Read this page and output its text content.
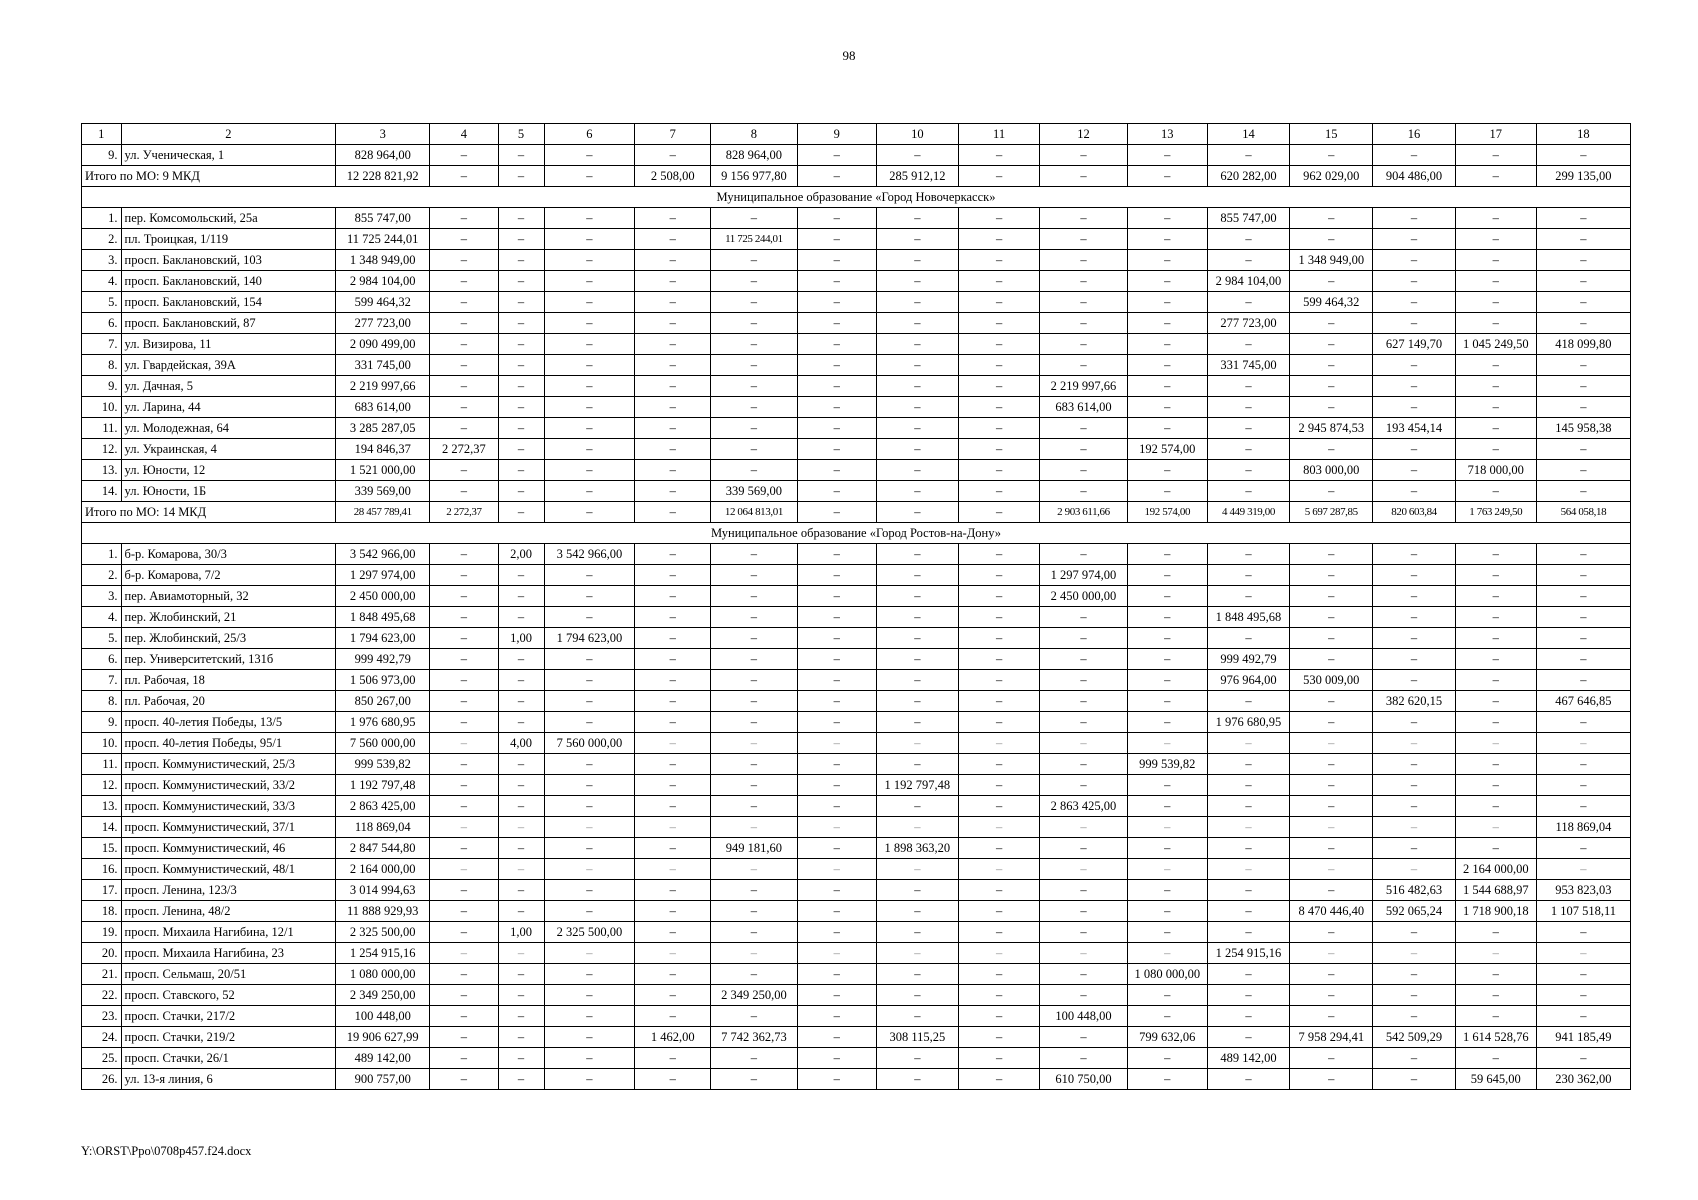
98
1	2	3	4	5	6	7	8	9	10	11	12	13	14	15	16	17	18
9.	ул. Ученическая, 1	828 964,00	–	–	–	–	828 964,00	–	–	–	–	–	–	–	–	–	–
Итого по МО: 9 МКД		12 228 821,92	–	–	–	2 508,00	9 156 977,80	–	285 912,12	–	–	–	620 282,00	962 029,00	904 486,00	–	299 135,00
Муниципальное образование «Город Новочеркасск»																	
1.	пер. Комсомольский, 25а	855 747,00	–	–	–	–	–	–	–	–	–	–	855 747,00	–	–	–	–
2.	пл. Троицкая, 1/119	11 725 244,01	–	–	–	–	11 725 244,01	–	–	–	–	–	–	–	–	–	–
3.	просп. Баклановский, 103	1 348 949,00	–	–	–	–	–	–	–	–	–	–	–	1 348 949,00	–	–	–
4.	просп. Баклановский, 140	2 984 104,00	–	–	–	–	–	–	–	–	–	–	2 984 104,00	–	–	–	–
5.	просп. Баклановский, 154	599 464,32	–	–	–	–	–	–	–	–	–	–	–	599 464,32	–	–	–
6.	просп. Баклановский, 87	277 723,00	–	–	–	–	–	–	–	–	–	–	277 723,00	–	–	–	–
7.	ул. Визирова, 11	2 090 499,00	–	–	–	–	–	–	–	–	–	–	–	–	627 149,70	1 045 249,50	418 099,80
8.	ул. Гвардейская, 39А	331 745,00	–	–	–	–	–	–	–	–	–	–	331 745,00	–	–	–	–
9.	ул. Дачная, 5	2 219 997,66	–	–	–	–	–	–	–	–	2 219 997,66	–	–	–	–	–	–
10.	ул. Ларина, 44	683 614,00	–	–	–	–	–	–	–	–	683 614,00	–	–	–	–	–	–
11.	ул. Молодежная, 64	3 285 287,05	–	–	–	–	–	–	–	–	–	–	–	2 945 874,53	193 454,14	–	145 958,38
12.	ул. Украинская, 4	194 846,37	2 272,37	–	–	–	–	–	–	–	–	192 574,00	–	–	–	–	–
13.	ул. Юности, 12	1 521 000,00	–	–	–	–	–	–	–	–	–	–	–	803 000,00	–	718 000,00	–
14.	ул. Юности, 1Б	339 569,00	–	–	–	–	339 569,00	–	–	–	–	–	–	–	–	–	–
Итого по МО: 14 МКД		28 457 789,41	2 272,37	–	–	–	12 064 813,01	–	–	–	2 903 611,66	192 574,00	4 449 319,00	5 697 287,85	820 603,84	1 763 249,50	564 058,18
Муниципальное образование «Город Ростов-на-Дону»																	
1.	б-р. Комарова, 30/3	3 542 966,00	–	2,00	3 542 966,00	–	–	–	–	–	–	–	–	–	–	–	–
2.	б-р. Комарова, 7/2	1 297 974,00	–	–	–	–	–	–	–	–	1 297 974,00	–	–	–	–	–	–
3.	пер. Авиамоторный, 32	2 450 000,00	–	–	–	–	–	–	–	–	2 450 000,00	–	–	–	–	–	–
4.	пер. Жлобинский, 21	1 848 495,68	–	–	–	–	–	–	–	–	–	–	1 848 495,68	–	–	–	–
5.	пер. Жлобинский, 25/3	1 794 623,00	–	1,00	1 794 623,00	–	–	–	–	–	–	–	–	–	–	–	–
6.	пер. Университетский, 131б	999 492,79	–	–	–	–	–	–	–	–	–	–	999 492,79	–	–	–	–
7.	пл. Рабочая, 18	1 506 973,00	–	–	–	–	–	–	–	–	–	–	976 964,00	530 009,00	–	–	–
8.	пл. Рабочая, 20	850 267,00	–	–	–	–	–	–	–	–	–	–	–	–	382 620,15	–	467 646,85
9.	просп. 40-летия Победы, 13/5	1 976 680,95	–	–	–	–	–	–	–	–	–	–	1 976 680,95	–	–	–	–
10.	просп. 40-летия Победы, 95/1	7 560 000,00	–	4,00	7 560 000,00	–	–	–	–	–	–	–	–	–	–	–	–
11.	просп. Коммунистический, 25/3	999 539,82	–	–	–	–	–	–	–	–	–	999 539,82	–	–	–	–	–
12.	просп. Коммунистический, 33/2	1 192 797,48	–	–	–	–	–	–	1 192 797,48	–	–	–	–	–	–	–	–
13.	просп. Коммунистический, 33/3	2 863 425,00	–	–	–	–	–	–	–	–	2 863 425,00	–	–	–	–	–	–
14.	просп. Коммунистический, 37/1	118 869,04	–	–	–	–	–	–	–	–	–	–	–	–	–	–	118 869,04
15.	просп. Коммунистический, 46	2 847 544,80	–	–	–	–	949 181,60	–	1 898 363,20	–	–	–	–	–	–	–	–
16.	просп. Коммунистический, 48/1	2 164 000,00	–	–	–	–	–	–	–	–	–	–	–	–	–	2 164 000,00	–
17.	просп. Ленина, 123/3	3 014 994,63	–	–	–	–	–	–	–	–	–	–	–	–	516 482,63	1 544 688,97	953 823,03
18.	просп. Ленина, 48/2	11 888 929,93	–	–	–	–	–	–	–	–	–	–	–	8 470 446,40	592 065,24	1 718 900,18	1 107 518,11
19.	просп. Михаила Нагибина, 12/1	2 325 500,00	–	1,00	2 325 500,00	–	–	–	–	–	–	–	–	–	–	–	–
20.	просп. Михаила Нагибина, 23	1 254 915,16	–	–	–	–	–	–	–	–	–	–	1 254 915,16	–	–	–	–
21.	просп. Сельмаш, 20/51	1 080 000,00	–	–	–	–	–	–	–	–	–	1 080 000,00	–	–	–	–	–
22.	просп. Ставского, 52	2 349 250,00	–	–	–	–	2 349 250,00	–	–	–	–	–	–	–	–	–	–
23.	просп. Стачки, 217/2	100 448,00	–	–	–	–	–	–	–	–	100 448,00	–	–	–	–	–	–
24.	просп. Стачки, 219/2	19 906 627,99	–	–	–	1 462,00	7 742 362,73	–	308 115,25	–	–	799 632,06	–	7 958 294,41	542 509,29	1 614 528,76	941 185,49
25.	просп. Стачки, 26/1	489 142,00	–	–	–	–	–	–	–	–	–	–	489 142,00	–	–	–	–
26.	ул. 13-я линия, 6	900 757,00	–	–	–	–	–	–	–	–	610 750,00	–	–	–	–	59 645,00	230 362,00
Y:\ORST\Ppo\0708p457.f24.docx
